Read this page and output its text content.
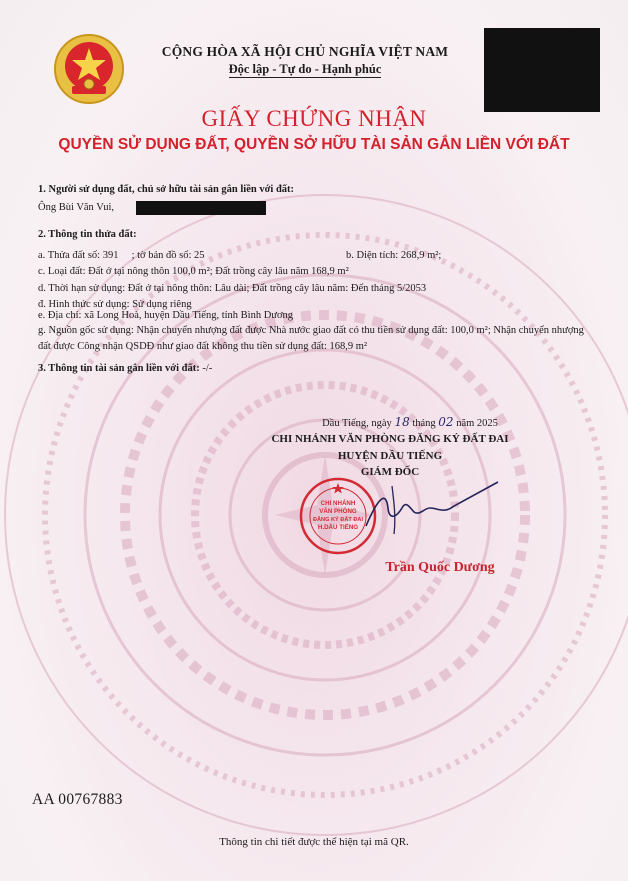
CỘNG HÒA XÃ HỘI CHỦ NGHĨA VIỆT NAM
Độc lập - Tự do - Hạnh phúc
GIẤY CHỨNG NHẬN
QUYỀN SỬ DỤNG ĐẤT, QUYỀN SỞ HỮU TÀI SẢN GẮN LIỀN VỚI ĐẤT
1. Người sử dụng đất, chủ sở hữu tài sản gắn liền với đất:
Ông Bùi Văn Vui,
2. Thông tin thửa đất:
a. Thửa đất số: 391     ; tờ bản đồ số: 25	b. Diện tích: 268,9 m²;
c. Loại đất: Đất ở tại nông thôn 100,0 m²; Đất trồng cây lâu năm 168,9 m²
d. Thời hạn sử dụng: Đất ở tại nông thôn: Lâu dài; Đất trồng cây lâu năm: Đến tháng 5/2053
đ. Hình thức sử dụng: Sử dụng riêng
e. Địa chỉ: xã Long Hoà, huyện Dầu Tiếng, tỉnh Bình Dương
g. Nguồn gốc sử dụng: Nhận chuyển nhượng đất được Nhà nước giao đất có thu tiền sử dụng đất: 100,0 m²; Nhận chuyển nhượng đất được Công nhận QSDĐ như giao đất không thu tiền sử dụng đất: 168,9 m²
3. Thông tin tài sản gắn liền với đất: -/-
Dầu Tiếng, ngày 18 tháng 02 năm 2025
CHI NHÁNH VĂN PHÒNG ĐĂNG KÝ ĐẤT ĐAI
HUYỆN DẦU TIẾNG
GIÁM ĐỐC
CHI NHÁNH
VĂN PHÒNG
ĐĂNG KÝ ĐẤT ĐAI
H.DẦU TIẾNG
Trần Quốc Dương
AA 00767883
Thông tin chi tiết được thể hiện tại mã QR.
